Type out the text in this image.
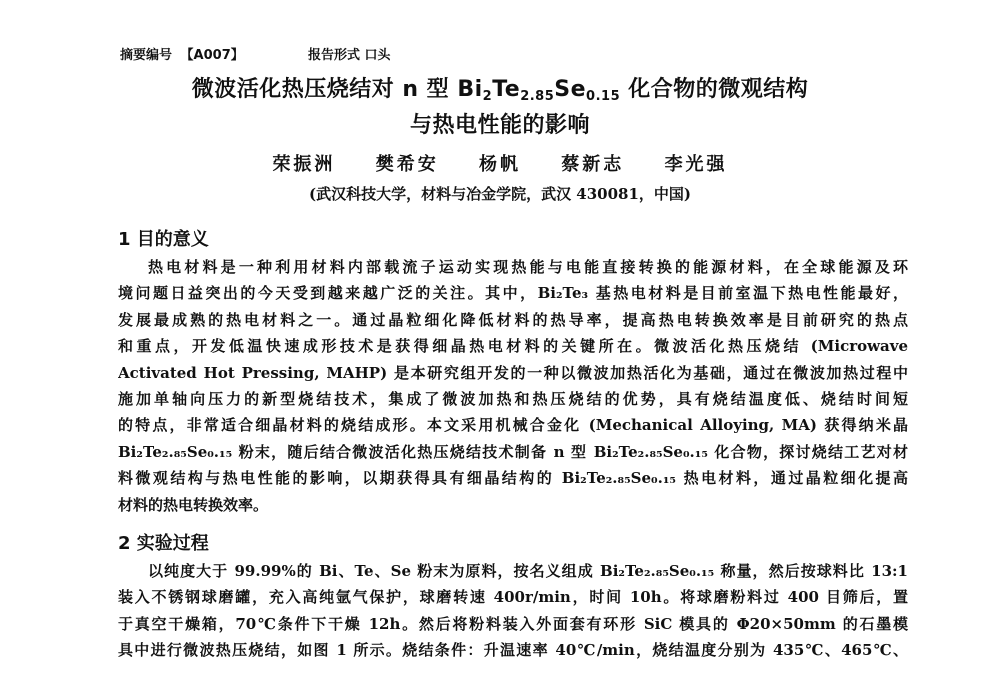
摘要编号 【A007】	报告形式 口头
微波活化热压烧结对 n 型 $Bi_2Te_{2.85}Se_{0.15}$ 化合物的微观结构
与热电性能的影响
荣振洲 樊希安 杨帆 蔡新志 李光强
(武汉科技大学，材料与冶金学院，武汉 430081，中国)
1 目的意义
热电材料是一种利用材料内部载流子运动实现热能与电能直接转换的能源材料，在全球能源及环
境问题日益突出的今天受到越来越广泛的关注。其中，Bi₂Te₃ 基热电材料是目前室温下热电性能最好，
发展最成熟的热电材料之一。通过晶粒细化降低材料的热导率，提高热电转换效率是目前研究的热点
和重点，开发低温快速成形技术是获得细晶热电材料的关键所在。微波活化热压烧结 (Microwave
Activated Hot Pressing, MAHP) 是本研究组开发的一种以微波加热活化为基础，通过在微波加热过程中
施加单轴向压力的新型烧结技术，集成了微波加热和热压烧结的优势，具有烧结温度低、烧结时间短
的特点，非常适合细晶材料的烧结成形。本文采用机械合金化 (Mechanical Alloying, MA) 获得纳米晶
Bi₂Te₂.₈₅Se₀.₁₅ 粉末，随后结合微波活化热压烧结技术制备 n 型 Bi₂Te₂.₈₅Se₀.₁₅ 化合物，探讨烧结工艺对材
料微观结构与热电性能的影响，以期获得具有细晶结构的 Bi₂Te₂.₈₅Se₀.₁₅ 热电材料，通过晶粒细化提高
材料的热电转换效率。
2 实验过程
以纯度大于 99.99%的 Bi、Te、Se 粉末为原料，按名义组成 Bi₂Te₂.₈₅Se₀.₁₅ 称量，然后按球料比 13:1
装入不锈钢球磨罐，充入高纯氩气保护，球磨转速 400r/min，时间 10h。将球磨粉料过 400 目筛后，置
于真空干燥箱，70℃条件下干燥 12h。然后将粉料装入外面套有环形 SiC 模具的 Φ20×50mm 的石墨模
具中进行微波热压烧结，如图 1 所示。烧结条件：升温速率 40℃/min，烧结温度分别为 435℃、465℃、
